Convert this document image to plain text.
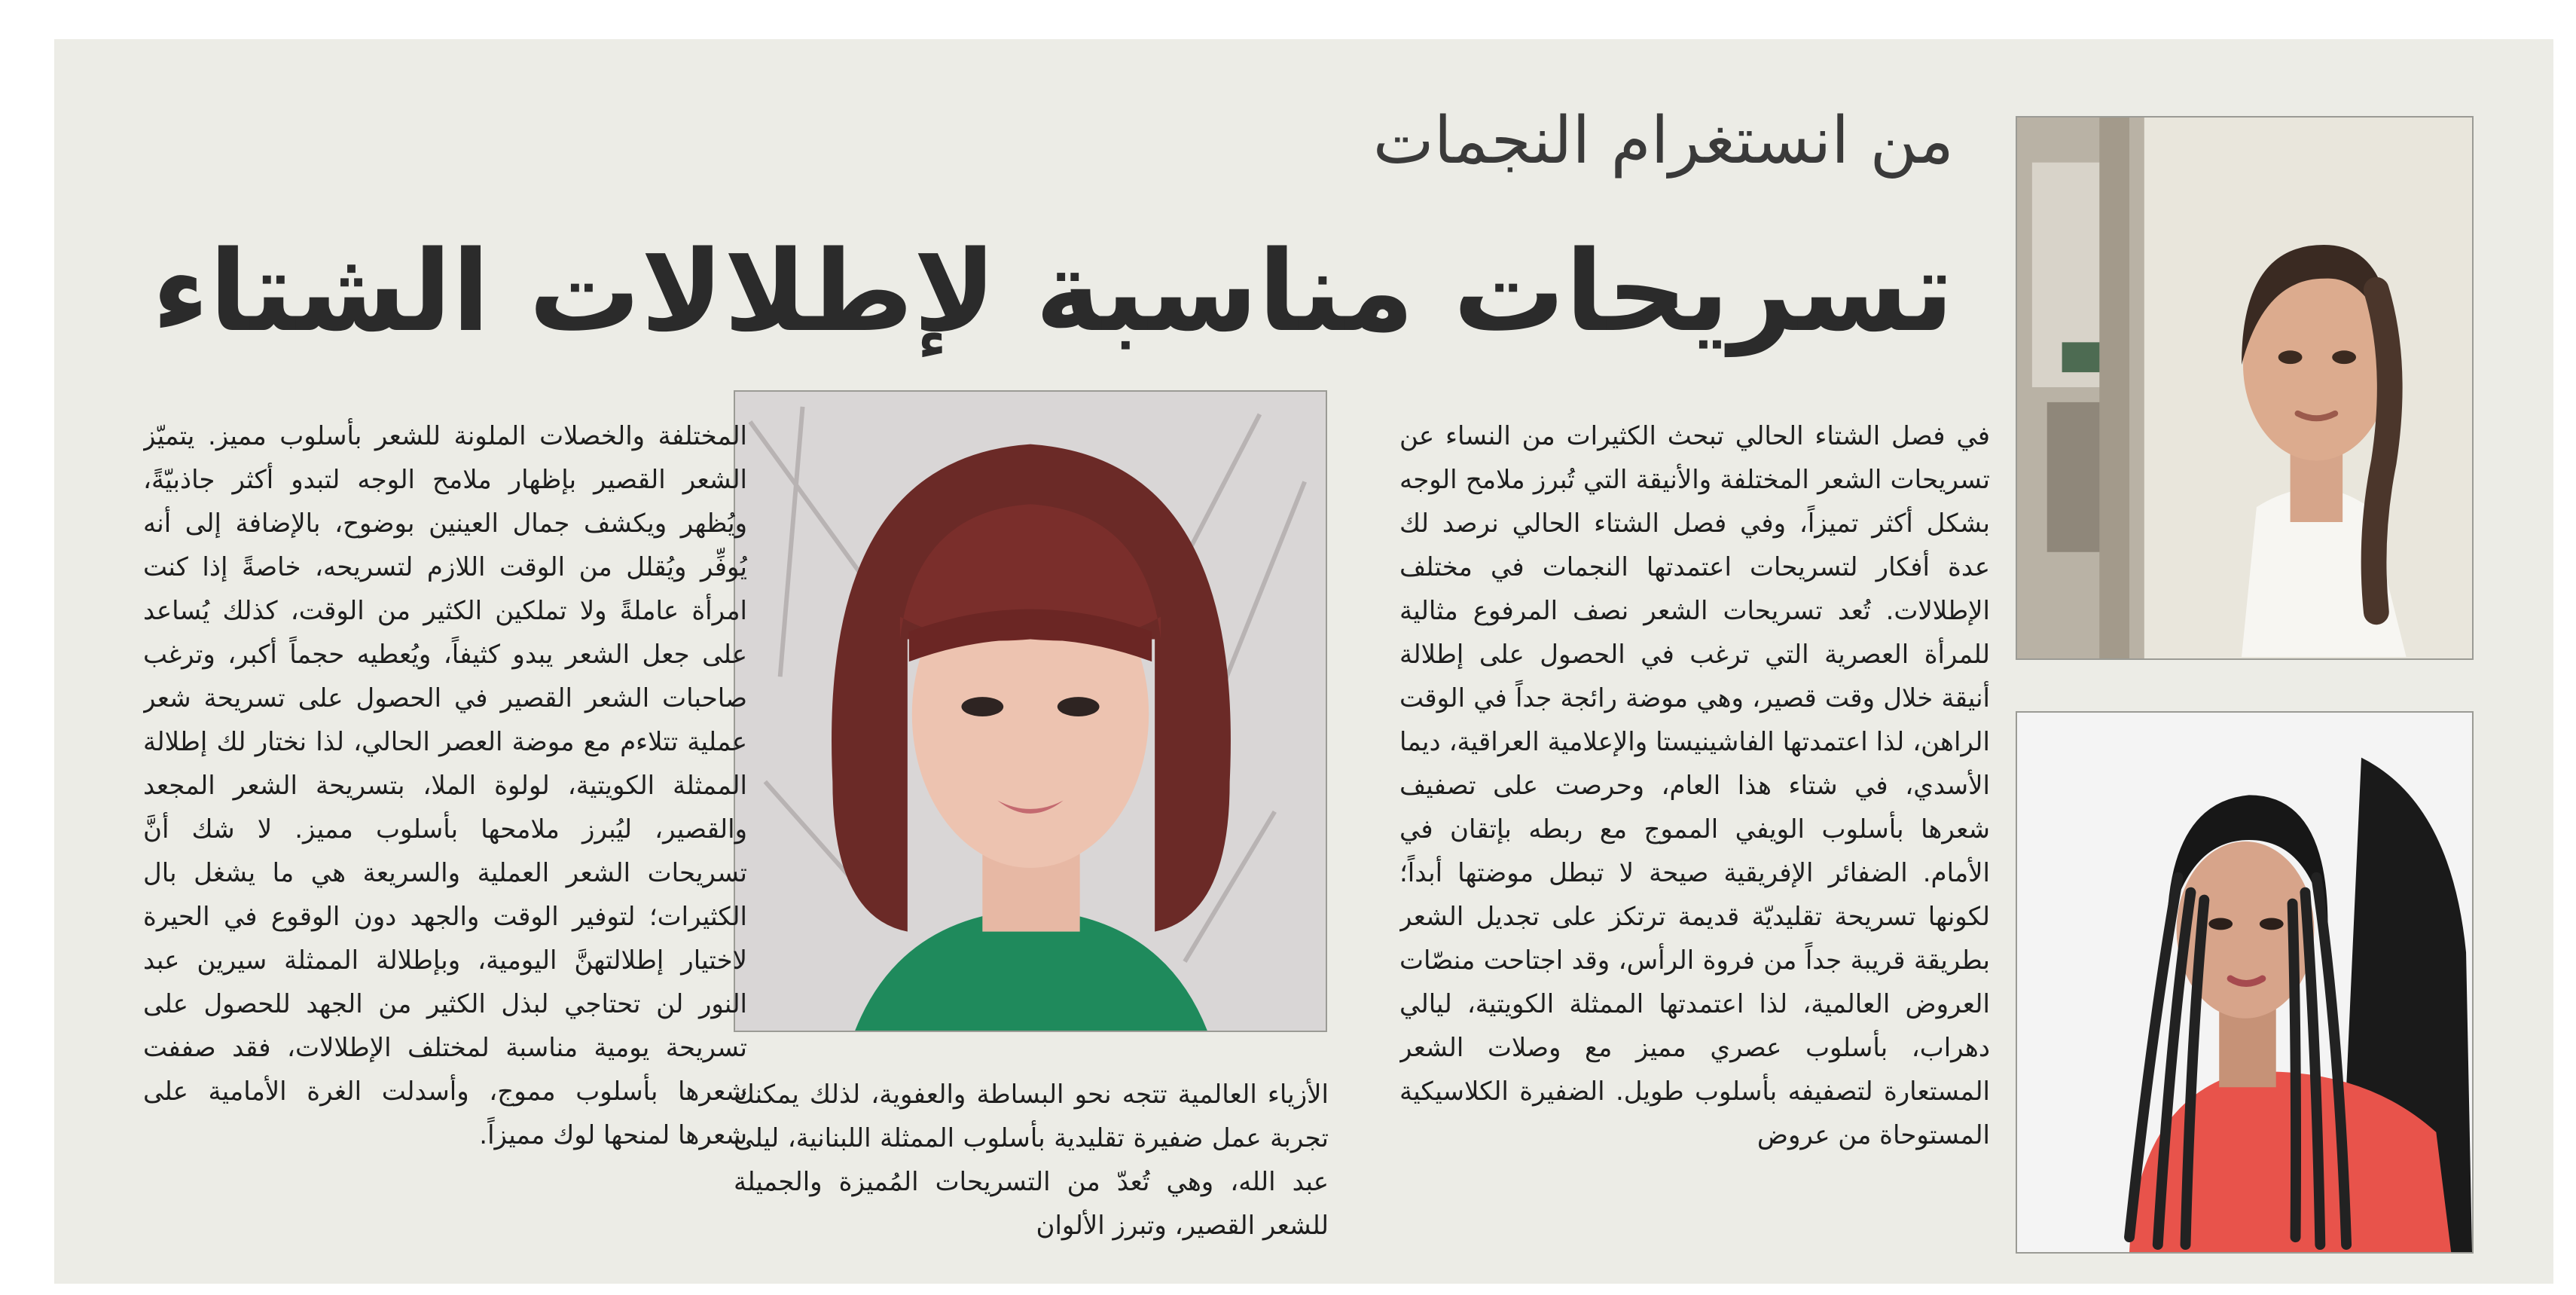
من انستغرام النجمات
تسريحات مناسبة لإطلالات الشتاء

في فصل الشتاء الحالي تبحث الكثيرات من النساء عن تسريحات الشعر المختلفة والأنيقة التي تُبرز ملامح الوجه بشكل أكثر تميزاً، وفي فصل الشتاء الحالي نرصد لك عدة أفكار لتسريحات اعتمدتها النجمات في مختلف الإطلالات. تُعد تسريحات الشعر نصف المرفوع مثالية للمرأة العصرية التي ترغب في الحصول على إطلالة أنيقة خلال وقت قصير، وهي موضة رائجة جداً في الوقت الراهن، لذا اعتمدتها الفاشينيستا والإعلامية العراقية، ديما الأسدي، في شتاء هذا العام، وحرصت على تصفيف شعرها بأسلوب الويفي المموج مع ربطه بإتقان في الأمام. الضفائر الإفريقية صيحة لا تبطل موضتها أبداً؛ لكونها تسريحة تقليديّة قديمة ترتكز على تجديل الشعر بطريقة قريبة جداً من فروة الرأس، وقد اجتاحت منصّات العروض العالمية، لذا اعتمدتها الممثلة الكويتية، ليالي دهراب، بأسلوب عصري مميز مع وصلات الشعر المستعارة لتصفيفه بأسلوب طويل. الضفيرة الكلاسيكية المستوحاة من عروض

الأزياء العالمية تتجه نحو البساطة والعفوية، لذلك يمكنك تجربة عمل ضفيرة تقليدية بأسلوب الممثلة اللبنانية، ليلى عبد الله، وهي تُعدّ من التسريحات المُميزة والجميلة للشعر القصير، وتبرز الألوان

المختلفة والخصلات الملونة للشعر بأسلوب مميز. يتميّز الشعر القصير بإظهار ملامح الوجه لتبدو أكثر جاذبيّةً، ويُظهر ويكشف جمال العينين بوضوح، بالإضافة إلى أنه يُوفِّر ويُقلل من الوقت اللازم لتسريحه، خاصةً إذا كنت امرأة عاملةً ولا تملكين الكثير من الوقت، كذلك يُساعد على جعل الشعر يبدو كثيفاً، ويُعطيه حجماً أكبر، وترغب صاحبات الشعر القصير في الحصول على تسريحة شعر عملية تتلاءم مع موضة العصر الحالي، لذا نختار لك إطلالة الممثلة الكويتية، لولوة الملا، بتسريحة الشعر المجعد والقصير، ليُبرز ملامحها بأسلوب مميز. لا شك أنَّ تسريحات الشعر العملية والسريعة هي ما يشغل بال الكثيرات؛ لتوفير الوقت والجهد دون الوقوع في الحيرة لاختيار إطلالتهنَّ اليومية، وبإطلالة الممثلة سيرين عبد النور لن تحتاجي لبذل الكثير من الجهد للحصول على تسريحة يومية مناسبة لمختلف الإطلالات، فقد صففت شعرها بأسلوب مموج، وأسدلت الغرة الأمامية على شعرها لمنحها لوك مميزاً.
